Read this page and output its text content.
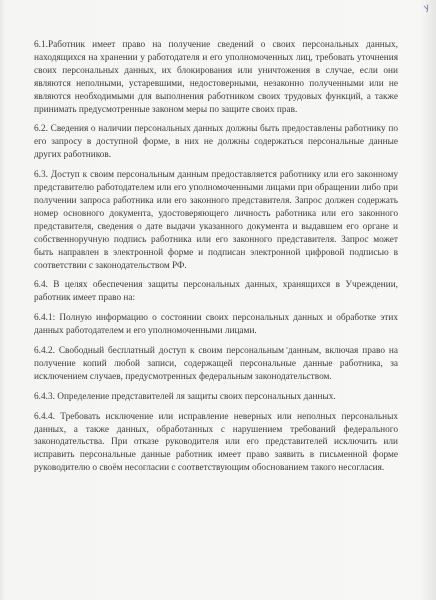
y

6.1.Работник имеет право на получение сведений о своих персональных данных, находящихся на хранении у работодателя и его уполномоченных лиц, требовать уточнения своих персональных данных, их блокирования или уничтожения в случае, если они являются неполными, устаревшими, недостоверными, незаконно полученными или не являются необходимыми для выполнения работником своих трудовых функций, а также принимать предусмотренные законом меры по защите своих прав.

6.2. Сведения о наличии персональных данных должны быть предоставлены работнику по его запросу в доступной форме, в них не должны содержаться персональные данные других работников.

6.3. Доступ к своим персональным данным предоставляется работнику или его законному представителю работодателем или его уполномоченными лицами при обращении либо при получении запроса работника или его законного представителя. Запрос должен содержать номер основного документа, удостоверяющего личность работника или его законного представителя, сведения о дате выдачи указанного документа и выдавшем его органе и собственноручную подпись работника или его законного представителя. Запрос может быть направлен в электронной форме и подписан электронной цифровой подписью в соответствии с законодательством РФ.

6.4. В целях обеспечения защиты персональных данных, хранящихся в Учреждении, работник имеет право на:

6.4.1: Полную информацию о состоянии своих персональных данных и обработке этих данных работодателем и его уполномоченными лицами.

6.4.2. Свободный бесплатный доступ к своим персональным данным, включая право на получение копий любой записи, содержащей персональные данные работника, за исключением случаев, предусмотренных федеральным законодательством.

6.4.3. Определение представителей ля защиты своих персональных данных.

6.4.4. Требовать исключение или исправление неверных или неполных персональных данных, а также данных, обработанных с нарушением требований федерального законодательства. При отказе руководителя или его представителей исключить или исправить персональные данные работник имеет право заявить в письменной форме руководителю о своём несогласии с соответствующим обоснованием такого несогласия.
